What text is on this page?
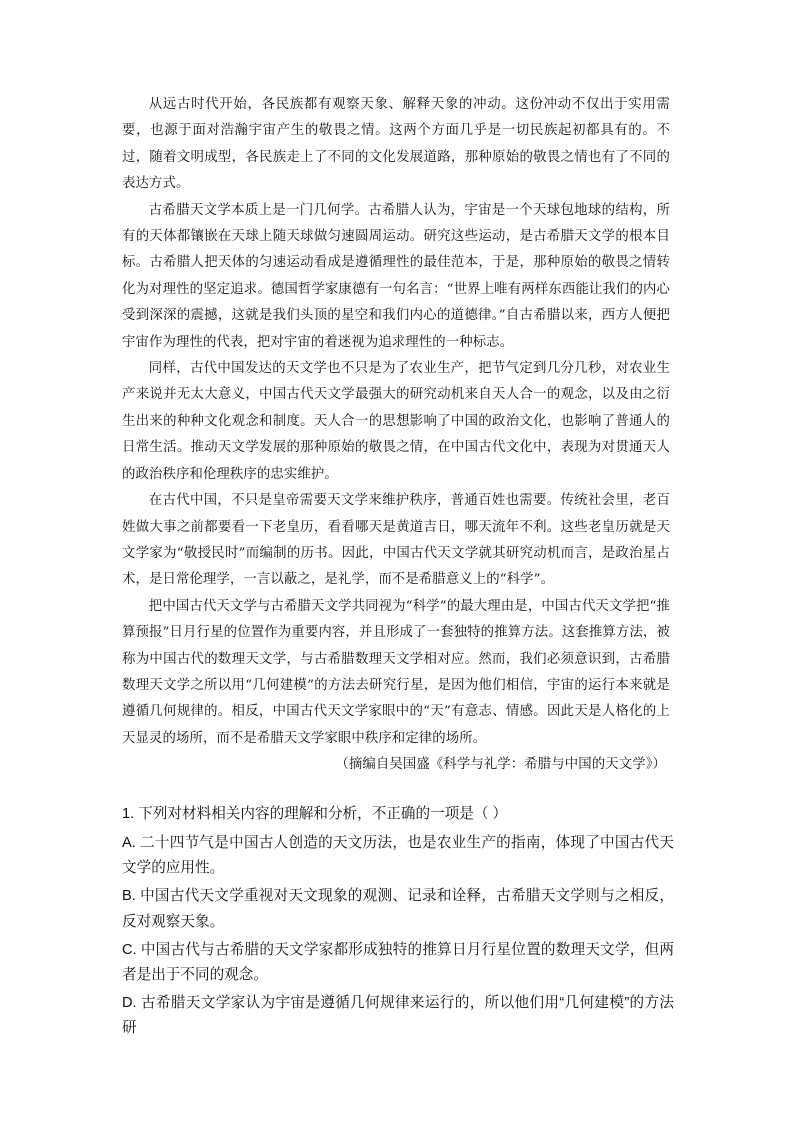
从远古时代开始，各民族都有观察天象、解释天象的冲动。这份冲动不仅出于实用需要，也源于面对浩瀚宇宙产生的敬畏之情。这两个方面几乎是一切民族起初都具有的。不过，随着文明成型，各民族走上了不同的文化发展道路，那种原始的敬畏之情也有了不同的表达方式。

古希腊天文学本质上是一门几何学。古希腊人认为，宇宙是一个天球包地球的结构，所有的天体都镶嵌在天球上随天球做匀速圆周运动。研究这些运动，是古希腊天文学的根本目标。古希腊人把天体的匀速运动看成是遵循理性的最佳范本，于是，那种原始的敬畏之情转化为对理性的坚定追求。德国哲学家康德有一句名言：“世界上唯有两样东西能让我们的内心受到深深的震撼，这就是我们头顶的星空和我们内心的道德律。”自古希腊以来，西方人便把宇宙作为理性的代表，把对宇宙的着迷视为追求理性的一种标志。

同样，古代中国发达的天文学也不只是为了农业生产，把节气定到几分几秒，对农业生产来说并无太大意义，中国古代天文学最强大的研究动机来自天人合一的观念，以及由之衍生出来的种种文化观念和制度。天人合一的思想影响了中国的政治文化，也影响了普通人的日常生活。推动天文学发展的那种原始的敬畏之情，在中国古代文化中，表现为对贯通天人的政治秩序和伦理秩序的忠实维护。

在古代中国，不只是皇帝需要天文学来维护秩序，普通百姓也需要。传统社会里，老百姓做大事之前都要看一下老皇历，看看哪天是黄道吉日，哪天流年不利。这些老皇历就是天文学家为“敬授民时”而编制的历书。因此，中国古代天文学就其研究动机而言，是政治星占术，是日常伦理学，一言以蔽之，是礼学，而不是希腊意义上的“科学”。

把中国古代天文学与古希腊天文学共同视为“科学”的最大理由是，中国古代天文学把“推算预报”日月行星的位置作为重要内容，并且形成了一套独特的推算方法。这套推算方法，被称为中国古代的数理天文学，与古希腊数理天文学相对应。然而，我们必须意识到，古希腊数理天文学之所以用“几何建模”的方法去研究行星，是因为他们相信，宇宙的运行本来就是遵循几何规律的。相反，中国古代天文学家眼中的“天”有意志、情感。因此天是人格化的上天显灵的场所，而不是希腊天文学家眼中秩序和定律的场所。

（摘编自吴国盛《科学与礼学：希腊与中国的天文学》）

1. 下列对材料相关内容的理解和分析，不正确的一项是（ ）

A. 二十四节气是中国古人创造的天文历法，也是农业生产的指南，体现了中国古代天文学的应用性。

B. 中国古代天文学重视对天文现象的观测、记录和诠释，古希腊天文学则与之相反，反对观察天象。

C. 中国古代与古希腊的天文学家都形成独特的推算日月行星位置的数理天文学，但两者是出于不同的观念。

D. 古希腊天文学家认为宇宙是遵循几何规律来运行的，所以他们用“几何建模”的方法研
